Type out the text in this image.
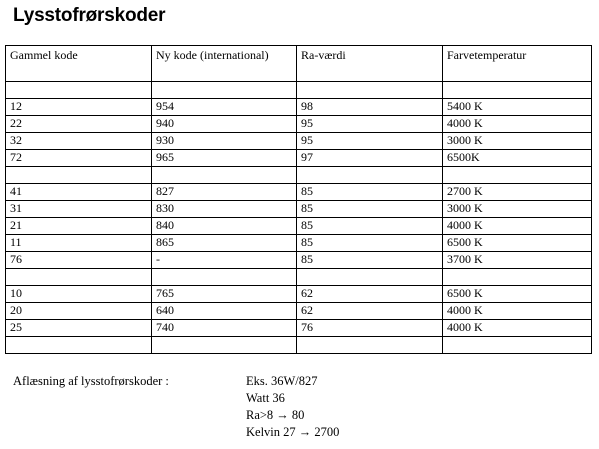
Lysstofrørskoder
Gammel kode	Ny kode (international)	Ra-værdi	Farvetemperatur

12	954	98	5400 K
22	940	95	4000 K
32	930	95	3000 K
72	965	97	6500K

41	827	85	2700 K
31	830	85	3000 K
21	840	85	4000 K
11	865	85	6500 K
76	-	85	3700 K

10	765	62	6500 K
20	640	62	4000 K
25	740	76	4000 K

Aflæsning af lysstofrørskoder :	Eks. 36W/827
Watt 36
Ra>8 → 80
Kelvin 27 → 2700
